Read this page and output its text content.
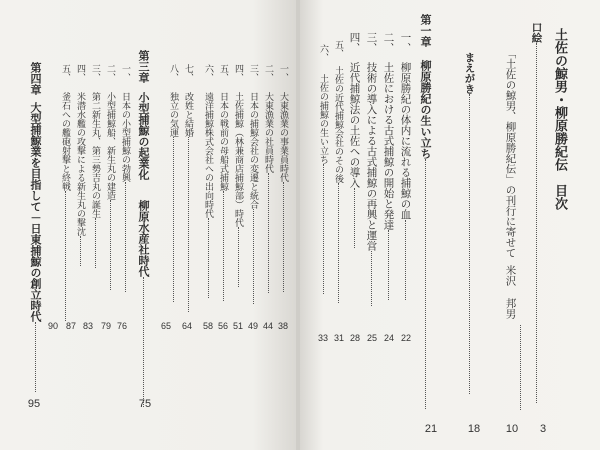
土佐の鯨男・柳原勝紀伝　目次
口絵
3
「土佐の鯨男、柳原勝紀伝」の刊行に寄せて
米沢 邦男
10
まえがき
18
第一章
柳原勝紀の生い立ち
21
一、
柳原勝紀の体内に流れる捕鯨の血
22
二、
土佐における古式捕鯨の開始と発達
24
三、
技術の導入による古式捕鯨の再興と運営
25
四、
近代捕鯨法の土佐への導入
28
五、
土佐の近代捕鯨会社のその後
31
六、
土佐の捕鯨の生い立ち
33
一、
大東漁業の事業員時代
38
二、
大東漁業の社員時代
44
三、
日本の捕鯨会社の変遷と統合
49
四、
土佐捕鯨（林兼商店捕鯨部）時代
51
五、
日本の戦前の母船式捕鯨
56
六、
遠洋捕鯨株式会社への出向時代
58
七、
改姓と結婚
64
八、
独立の気運
65
第三章
小型捕鯨の起業化
柳原水産社時代
75
一、
日本の小型捕鯨の勃興
76
二、
小型捕鯨船、新生丸の建造
79
三、
第二新生丸、第三勢吉丸の誕生
83
四、
米潜水艦の攻撃による新生丸の撃沈
87
五、
釜石への艦砲射撃と終戦
90
第四章
大型捕鯨業を目指して－日東捕鯨の創立時代
95
